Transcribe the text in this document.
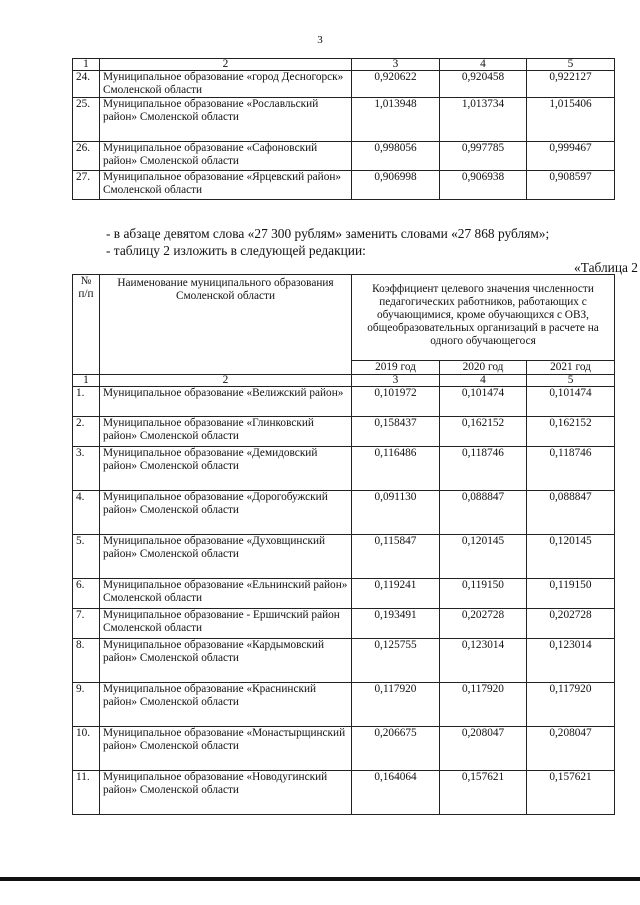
3
1	2	3	4	5
24.	Муниципальное образование «город Десногорск» Смоленской области	0,920622	0,920458	0,922127
25.	Муниципальное образование «Рославльский район» Смоленской области	1,013948	1,013734	1,015406
26.	Муниципальное образование «Сафоновский район» Смоленской области	0,998056	0,997785	0,999467
27.	Муниципальное образование «Ярцевский район» Смоленской области	0,906998	0,906938	0,908597
- в абзаце девятом слова «27 300 рублям» заменить словами «27 868 рублям»;
- таблицу 2 изложить в следующей редакции:
«Таблица 2
№ п/п	Наименование муниципального образования Смоленской области	Коэффициент целевого значения численности педагогических работников, работающих с обучающимися, кроме обучающихся с ОВЗ, общеобразовательных организаций в расчете на одного обучающегося		
		2019 год	2020 год	2021 год
1	2	3	4	5
1.	Муниципальное образование «Велижский район»	0,101972	0,101474	0,101474
2.	Муниципальное образование «Глинковский район» Смоленской области	0,158437	0,162152	0,162152
3.	Муниципальное образование «Демидовский район» Смоленской области	0,116486	0,118746	0,118746
4.	Муниципальное образование «Дорогобужский район» Смоленской области	0,091130	0,088847	0,088847
5.	Муниципальное образование «Духовщинский район» Смоленской области	0,115847	0,120145	0,120145
6.	Муниципальное образование «Ельнинский район» Смоленской области	0,119241	0,119150	0,119150
7.	Муниципальное образование - Ершичский район Смоленской области	0,193491	0,202728	0,202728
8.	Муниципальное образование «Кардымовский район» Смоленской области	0,125755	0,123014	0,123014
9.	Муниципальное образование «Краснинский район» Смоленской области	0,117920	0,117920	0,117920
10.	Муниципальное образование «Монастырщинский район» Смоленской области	0,206675	0,208047	0,208047
11.	Муниципальное образование «Новодугинский район» Смоленской области	0,164064	0,157621	0,157621
